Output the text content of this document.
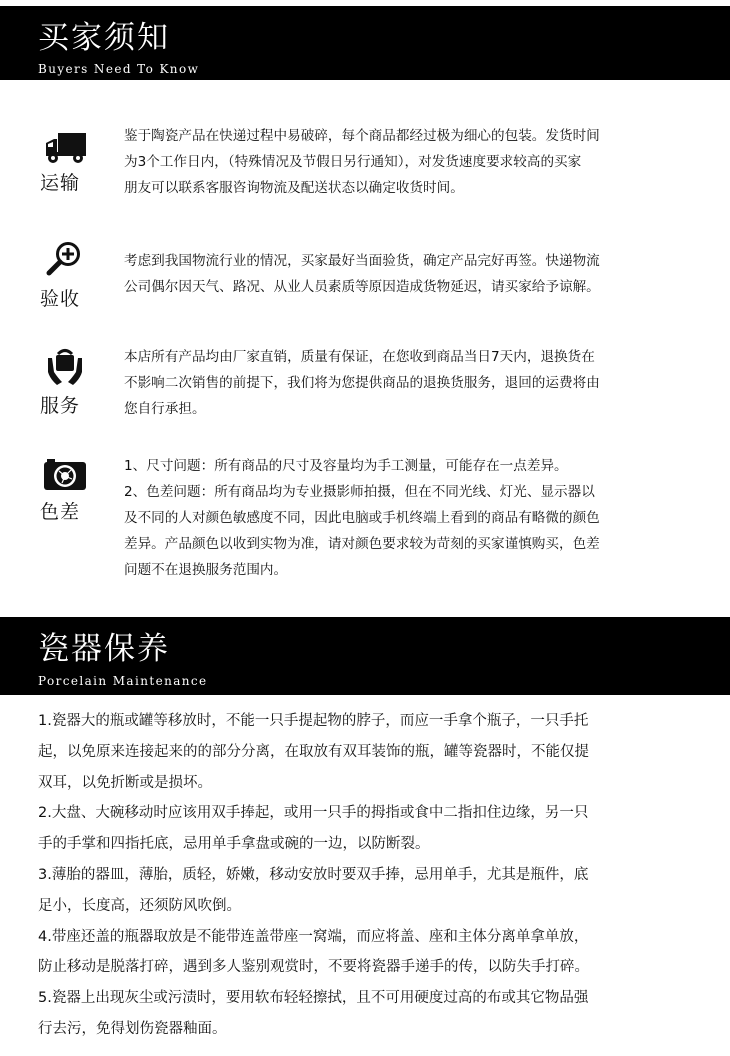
买家须知
Buyers Need To Know
运输
鉴于陶瓷产品在快递过程中易破碎，每个商品都经过极为细心的包装。发货时间
为3个工作日内，（特殊情况及节假日另行通知），对发货速度要求较高的买家
朋友可以联系客服咨询物流及配送状态以确定收货时间。
验收
考虑到我国物流行业的情况，买家最好当面验货，确定产品完好再签。快递物流
公司偶尔因天气、路况、从业人员素质等原因造成货物延迟，请买家给予谅解。
服务
本店所有产品均由厂家直销，质量有保证，在您收到商品当日7天内，退换货在
不影响二次销售的前提下，我们将为您提供商品的退换货服务，退回的运费将由
您自行承担。
色差
1、尺寸问题：所有商品的尺寸及容量均为手工测量，可能存在一点差异。
2、色差问题：所有商品均为专业摄影师拍摄，但在不同光线、灯光、显示器以
及不同的人对颜色敏感度不同，因此电脑或手机终端上看到的商品有略微的颜色
差异。产品颜色以收到实物为准，请对颜色要求较为苛刻的买家谨慎购买，色差
问题不在退换服务范围内。
瓷器保养
Porcelain Maintenance

1.瓷器大的瓶或罐等移放时，不能一只手提起物的脖子，而应一手拿个瓶子，一只手托

起，以免原来连接起来的的部分分离，在取放有双耳装饰的瓶，罐等瓷器时，不能仅提

双耳，以免折断或是损坏。

2.大盘、大碗移动时应该用双手捧起，或用一只手的拇指或食中二指扣住边缘，另一只

手的手掌和四指托底，忌用单手拿盘或碗的一边，以防断裂。

3.薄胎的器皿，薄胎，质轻，娇嫩，移动安放时要双手捧，忌用单手，尤其是瓶件，底

足小，长度高，还须防风吹倒。

4.带座还盖的瓶器取放是不能带连盖带座一窝端，而应将盖、座和主体分离单拿单放，

防止移动是脱落打碎，遇到多人鉴别观赏时，不要将瓷器手递手的传，以防失手打碎。

5.瓷器上出现灰尘或污渍时，要用软布轻轻擦拭，且不可用硬度过高的布或其它物品强

行去污，免得划伤瓷器釉面。
